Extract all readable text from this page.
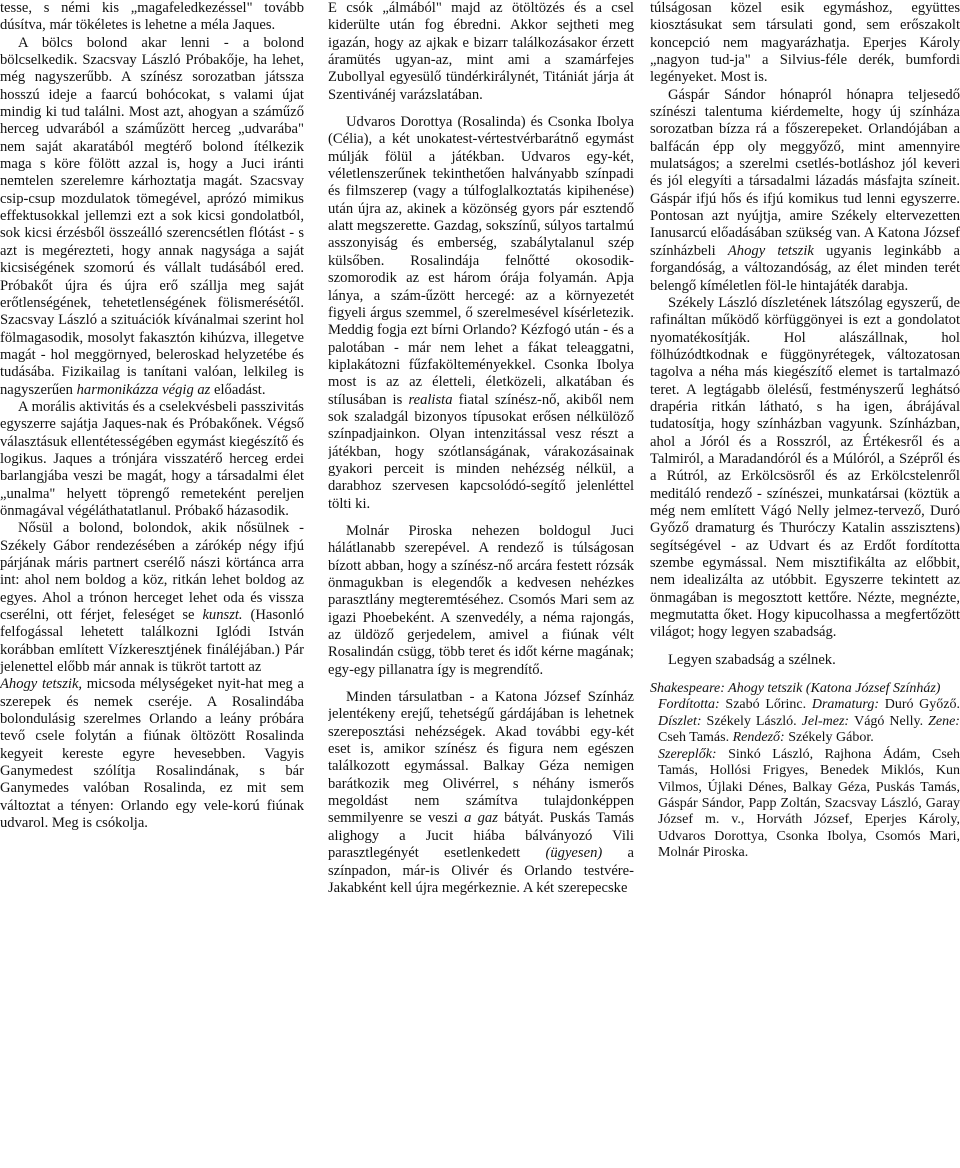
tesse, s némi kis „magafeledkezéssel" tovább dúsítva, már tökéletes is lehetne a méla Jaques.

A bölcs bolond akar lenni - a bolond bölcselkedik. Szacsvay László Próbakője, ha lehet, még nagyszerűbb. A színész sorozatban játssza hosszú ideje a faarcú bohócokat, s valami újat mindig ki tud találni. Most azt, ahogyan a száműző herceg udvarából a száműzött herceg „udvarába" nem saját akaratából megtérő bolond ítélkezik maga s köre fölött azzal is, hogy a Juci iránti nemtelen szerelemre kárhoztatja magát. Szacsvay csip-csup mozdulatok tömegével, aprózó mimikus effektusokkal jellemzi ezt a sok kicsi gondolatból, sok kicsi érzésből összeálló szerencsétlen flótást - s azt is megérezteti, hogy annak nagysága a saját kicsiségének szomorú és vállalt tudásából ered. Próbakőt újra és újra erő szállja meg saját erőtlenségének, tehetetlenségének fölismerésétől. Szacsvay László a szituációk kívánalmai szerint hol fölmagasodik, mosolyt fakasztón kihúzva, illegetve magát - hol meggörnyed, beleroskad helyzetébe és tudásába. Fizikailag is tanítani valóan, lelkileg is nagyszerűen harmonikázza végig az előadást.

A morális aktivitás és a cselekvésbeli passzivitás egyszerre sajátja Jaques-nak és Próbakőnek. Végső választásuk ellentétességében egymást kiegészítő és logikus. Jaques a trónjára visszatérő herceg erdei barlangjába veszi be magát, hogy a társadalmi élet „unalma" helyett töprengő remeteként pereljen önmagával végéláthatatlanul. Próbakő házasodik.

Nősül a bolond, bolondok, akik nősülnek - Székely Gábor rendezésében a zárókép négy ifjú párjának máris partnert cserélő nászi körtánca arra int: ahol nem boldog a köz, ritkán lehet boldog az egyes. Ahol a trónon herceget lehet oda és vissza cserélni, ott férjet, feleséget se kunszt. (Hasonló felfogással lehetett találkozni Iglódi István korábban említett Vízkeresztjének fináléjában.) Pár jelenettel előbb már annak is tükröt tartott az

Ahogy tetszik, micsoda mélységeket nyit-hat meg a szerepek és nemek cseréje. A Rosalindába bolondulásig szerelmes Orlando a leány próbára tevő csele folytán a fiúnak öltözött Rosalinda kegyeit kereste egyre hevesebben. Vagyis Ganymedest szólítja Rosalindának, s bár Ganymedes valóban Rosalinda, ez mit sem változtat a tényen: Orlando egy vele-korú fiúnak udvarol. Meg is csókolja.

E csók „álmából" majd az ötöltözés és a csel kiderülte után fog ébredni. Akkor sejtheti meg igazán, hogy az ajkak e bizarr találkozásakor érzett áramütés ugyan-az, mint ami a szamárfejes Zubollyal egyesülő tündérkirálynét, Titániát járja át Szentivánéj varázslatában.

Udvaros Dorottya (Rosalinda) és Csonka Ibolya (Célia), a két unokatest-vértestvérbarátnő egymást múlják fölül a játékban. Udvaros egy-két, véletlenszerűnek tekinthetően halványabb színpadi és filmszerep (vagy a túlfoglalkoztatás kipihenése) után újra az, akinek a közönség gyors pár esztendő alatt megszerette. Gazdag, sokszínű, súlyos tartalmú asszonyiság és emberség, szabálytalanul szép külsőben. Rosalindája felnőtté okosodik-szomorodik az est három órája folyamán. Apja lánya, a szám-űzött hercegé: az a környezetét figyeli árgus szemmel, ő szerelmesével kísérletezik. Meddig fogja ezt bírni Orlando? Kézfogó után - és a palotában - már nem lehet a fákat teleaggatni, kiplakátozni fűzfakölteményekkel. Csonka Ibolya most is az az életteli, életközeli, alkatában és stílusában is realista fiatal színész-nő, akiből nem sok szaladgál bizonyos típusokat erősen nélkülöző színpadjainkon. Olyan intenzitással vesz részt a játékban, hogy szótlanságának, várakozásainak gyakori perceit is minden nehézség nélkül, a darabhoz szervesen kapcsolódó-segítő jelenléttel tölti ki.

Molnár Piroska nehezen boldogul Juci hálátlanabb szerepével. A rendező is túlságosan bízott abban, hogy a színész-nő arcára festett rózsák önmagukban is elegendők a kedvesen nehézkes parasztlány megteremtéséhez. Csomós Mari sem az igazi Phoebeként. A szenvedély, a néma rajongás, az üldöző gerjedelem, amivel a fiúnak vélt Rosalindán csügg, több teret és időt kérne magának; egy-egy pillanatra így is megrendítő.

Minden társulatban - a Katona József Színház jelentékeny erejű, tehetségű gárdájában is lehetnek szereposztási nehézségek. Akad további egy-két eset is, amikor színész és figura nem egészen találkozott egymással. Balkay Géza nemigen barátkozik meg Olivérrel, s néhány ismerős megoldást nem számítva tulajdonképpen semmilyenre se veszi a gaz bátyát. Puskás Tamás alighogy a Jucit hiába bálványozó Vili parasztlegényét esetlenkedett (ügyesen) a színpadon, már-is Olivér és Orlando testvére-Jakabként kell újra megérkeznie. A két szerepecske

túlságosan közel esik egymáshoz, együttes kiosztásukat sem társulati gond, sem erőszakolt koncepció nem magyarázhatja. Eperjes Károly „nagyon tud-ja" a Silvius-féle derék, bumfordi legényeket. Most is.

Gáspár Sándor hónapról hónapra teljesedő színészi talentuma kiérdemelte, hogy új színháza sorozatban bízza rá a főszerepeket. Orlandójában a balfácán épp oly meggyőző, mint amennyire mulatságos; a szerelmi csetlés-botláshoz jól keveri és jól elegyíti a társadalmi lázadás másfajta színeit. Gáspár ifjú hős és ifjú komikus tud lenni egyszerre. Pontosan azt nyújtja, amire Székely eltervezetten Ianusarcú előadásában szükség van. A Katona József színházbeli Ahogy tetszik ugyanis leginkább a forgandóság, a változandóság, az élet minden terét belengő kíméletlen föl-le hintajáték darabja.

Székely László díszletének látszólag egyszerű, de rafináltan működő körfüggönyei is ezt a gondolatot nyomatékosítják. Hol alászállnak, hol fölhúzódtkodnak e függönyrétegek, változatosan tagolva a néha más kiegészítő elemet is tartalmazó teret. A legtágabb ölelésű, festményszerű leghátsó drapéria ritkán látható, s ha igen, ábrájával tudatosítja, hogy színházban vagyunk. Színházban, ahol a Jóról és a Rosszról, az Értékesről és a Talmiról, a Maradandóról és a Múlóról, a Szépről és a Rútról, az Erkölcsösről és az Erkölcstelenről meditáló rendező - színészei, munkatársai (köztük a még nem említett Vágó Nelly jelmez-tervező, Duró Győző dramaturg és Thuróczy Katalin asszisztens) segítségével - az Udvart és az Erdőt fordította szembe egymással. Nem misztifikálta az előbbit, nem idealizálta az utóbbit. Egyszerre tekintett az önmagában is megosztott kettőre. Nézte, megnézte, megmutatta őket. Hogy kipucolhassa a megfertőzött világot; hogy legyen szabadság.

Legyen szabadság a szélnek.

Shakespeare: Ahogy tetszik (Katona József Színház)

Fordította: Szabó Lőrinc. Dramaturg: Duró Győző. Díszlet: Székely László. Jel-mez: Vágó Nelly. Zene: Cseh Tamás. Rendező: Székely Gábor.

Szereplők: Sinkó László, Rajhona Ádám, Cseh Tamás, Hollósi Frigyes, Benedek Miklós, Kun Vilmos, Újlaki Dénes, Balkay Géza, Puskás Tamás, Gáspár Sándor, Papp Zoltán, Szacsvay László, Garay József m. v., Horváth József, Eperjes Károly, Udvaros Dorottya, Csonka Ibolya, Csomós Mari, Molnár Piroska.
